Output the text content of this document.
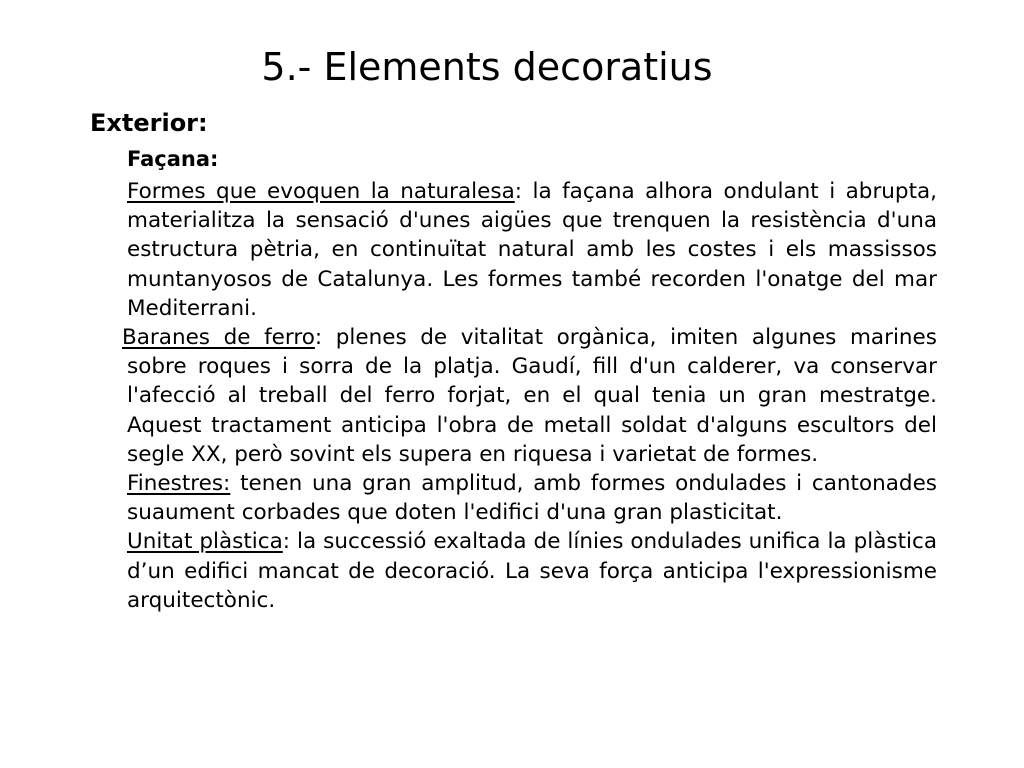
5.- Elements decoratius
Exterior:
Façana:

Formes que evoquen la naturalesa: la façana alhora ondulant i abrupta, materialitza la sensació d'unes aigües que trenquen la resistència d'una estructura pètria, en continuïtat natural amb les costes i els massissos muntanyosos de Catalunya. Les formes també recorden l'onatge del mar Mediterrani.

Baranes de ferro: plenes de vitalitat orgànica, imiten algunes marines sobre roques i sorra de la platja. Gaudí, fill d'un calderer, va conservar l'afecció al treball del ferro forjat, en el qual tenia un gran mestratge. Aquest tractament anticipa l'obra de metall soldat d'alguns escultors del segle XX, però sovint els supera en riquesa i varietat de formes.

Finestres: tenen una gran amplitud, amb formes ondulades i cantonades suaument corbades que doten l'edifici d'una gran plasticitat.

Unitat plàstica: la successió exaltada de línies ondulades unifica la plàstica d’un edifici mancat de decoració. La seva força anticipa l'expressionisme arquitectònic.
